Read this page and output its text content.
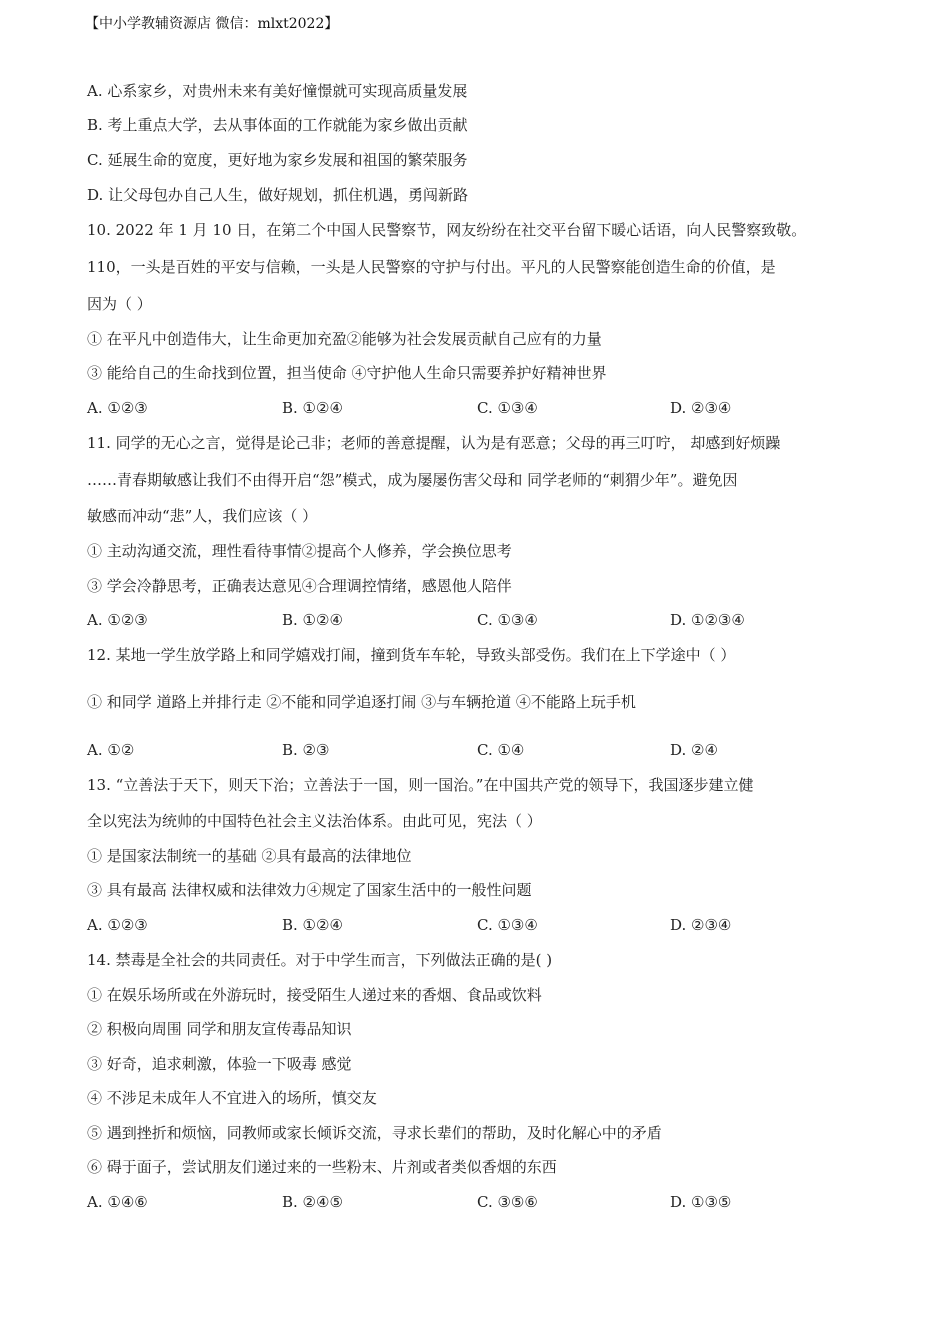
【中小学教辅资源店 微信：mlxt2022】
A. 心系家乡，对贵州未来有美好憧憬就可实现高质量发展
B. 考上重点大学，去从事体面的工作就能为家乡做出贡献
C. 延展生命的宽度，更好地为家乡发展和祖国的繁荣服务
D. 让父母包办自己人生，做好规划，抓住机遇，勇闯新路
10. 2022 年 1 月 10 日，在第二个中国人民警察节，网友纷纷在社交平台留下暖心话语，向人民警察致敬。
110，一头是百姓的平安与信赖，一头是人民警察的守护与付出。平凡的人民警察能创造生命的价值，是
因为（ ）
① 在平凡中创造伟大，让生命更加充盈②能够为社会发展贡献自己应有的力量
③ 能给自己的生命找到位置，担当使命 ④守护他人生命只需要养护好精神世界
A. ①②③	B. ①②④	C. ①③④	D. ②③④
11. 同学的无心之言，觉得是论己非；老师的善意提醒，认为是有恶意；父母的再三叮咛， 却感到好烦躁
……青春期敏感让我们不由得开启“怨”模式，成为屡屡伤害父母和 同学老师的“刺猬少年”。避免因
敏感而冲动“悲”人，我们应该（ ）
① 主动沟通交流，理性看待事情②提高个人修养，学会换位思考
③ 学会冷静思考，正确表达意见④合理调控情绪，感恩他人陪伴
A. ①②③	B. ①②④	C. ①③④	D. ①②③④
12. 某地一学生放学路上和同学嬉戏打闹，撞到货车车轮，导致头部受伤。我们在上下学途中（ ）
① 和同学 道路上并排行走 ②不能和同学追逐打闹 ③与车辆抢道 ④不能路上玩手机
A. ①②	B. ②③	C. ①④	D. ②④
13. “立善法于天下，则天下治；立善法于一国，则一国治。”在中国共产党的领导下，我国逐步建立健
全以宪法为统帅的中国特色社会主义法治体系。由此可见，宪法（ ）
① 是国家法制统一的基础 ②具有最高的法律地位
③ 具有最高 法律权威和法律效力④规定了国家生活中的一般性问题
A. ①②③	B. ①②④	C. ①③④	D. ②③④
14. 禁毒是全社会的共同责任。对于中学生而言，下列做法正确的是( )
① 在娱乐场所或在外游玩时，接受陌生人递过来的香烟、食品或饮料
② 积极向周围 同学和朋友宣传毒品知识
③ 好奇，追求刺激，体验一下吸毒 感觉
④ 不涉足未成年人不宜进入的场所，慎交友
⑤ 遇到挫折和烦恼，同教师或家长倾诉交流，寻求长辈们的帮助，及时化解心中的矛盾
⑥ 碍于面子，尝试朋友们递过来的一些粉末、片剂或者类似香烟的东西
A. ①④⑥	B. ②④⑤	C. ③⑤⑥	D. ①③⑤
